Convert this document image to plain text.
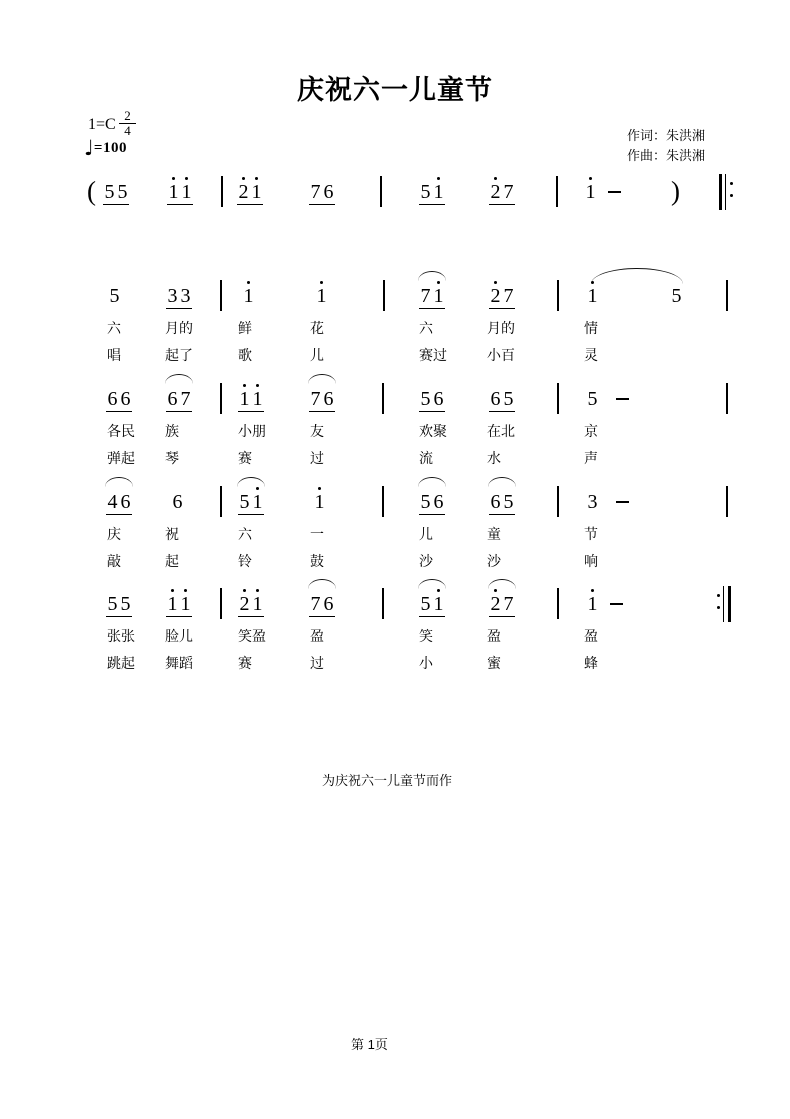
庆祝六一儿童节
$1=C \frac{2}{4}$
♩=100
作词：朱洪湘
作曲：朱洪湘
( 5 5 1 1 2 1 7 6	5 1 2 7	1	)
5 3 3	1	1	7 1 2 7	1	5
六	月的	鲜	花	六	月的	情
唱	起了	歌	儿	赛过	小百	灵
6 6 6 7 1 1 7 6	5 6 6 5	5
各民 族	小朋	友	欢聚	在北	京
弹起 琴	赛	过	流	水	声
4 6 6	5 1	1	5 6 6 5	3
庆	祝	六	一	儿	童	节
敲	起	铃	鼓	沙	沙	响
5 5 1 1 2 1 7 6	5 1 2 7	1
张张 脸儿	笑盈	盈	笑	盈	盈
跳起 舞蹈	赛	过	小	蜜	蜂
为庆祝六一儿童节而作
第 1页
